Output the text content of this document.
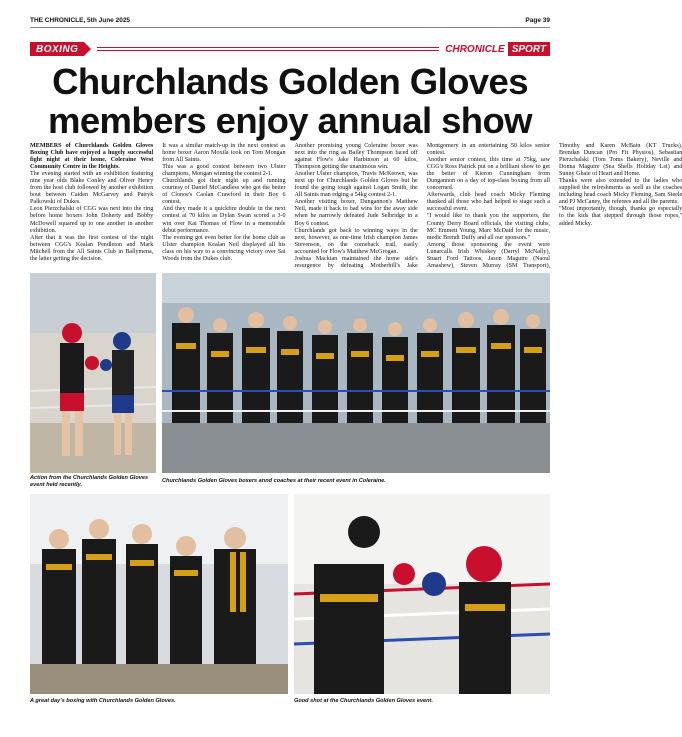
THE CHRONICLE, 5th June 2025	Page 39
BOXING	CHRONICLE SPORT
Churchlands Golden Gloves members enjoy annual show

MEMBERS of Churchlands Golden Gloves Boxing Club have enjoyed a hugely successful fight night at their home, Coleraine West Community Centre in the Heights.

The evening started with an exhibition featuring nine year olds Blake Conley and Oliver Henry from the host club followed by another exhibition bout between Caiden McGarvey and Patryk Palkowski of Dukes.

Leon Pierzchalski of CGG was next into the ring before home boxers John Doherty and Bobby McDowell squared up to one another in another exhibition.

After that it was the first contest of the night between CGG's Kealan Pendleton and Mark Mitchell from the All Saints Club in Ballymena, the latter getting the decision.

It was a similar match-up in the next contest as home boxer Aaron Moxila took on Tom Mongan from All Saints.

This was a good contest between two Ulster champions, Mongan winning the contest 2-1.

Churchlands got their night up and running courtesy of Daniel McCandless who got the better of Clonoe's Caolan Crawford in their Boy 6 contest.

And they made it a quickfire double in the next contest at 70 kilos as Dylan Swan scored a 3-0 win over Kai Thomas of Flow in a memorable debut performance.

The evening got even better for the home club as Ulster champion Kealan Neil displayed all his class on his way to a convincing victory over Sai Woods from the Dukes club.

Another promising young Coleraine boxer was next into the ring as Bailey Thompson faced off against Flow's Jake Harbinson at 60 kilos, Thompson getting the unanimous win.

Another Ulster champion, Travis McKeown, was next up for Churchlands Golden Gloves but he found the going tough against Logan Smith, the All Saints man edging a 54kg contest 2-1.

Another visiting boxer, Dungannon's Matthew Neil, made it back to bad wins for the away side when he narrowly defeated Jude Selbridge in a Boy 6 contest.

Churchlands got back to winning ways in the next, however, as one-time Irish champion James Stevenson, on the comeback trail, easily accounted for Flow's Matthew McGrogan.

Joshua Mackian maintained the home side's resurgence by defeating Motherhill's Jake Montgomery in an entertaining 50 kilos senior contest.

Another senior contest, this time at 75kg, saw CGG's Ross Patrick put on a brilliant show to get the better of Kieron Cunningham from Dungannon on a day of top-class boxing from all concerned.

Afterwards, club head coach Micky Fleming thanked all those who had helped to stage such a successful event.

"I would like to thank you the supporters, the County Derry Board officials, the visiting clubs, MC Emmett Young, Marc McDaid for the music, medic Brendi Duffy and all our sponsors."

Among those sponsoring the event were Lunarcalls Irish Whiskey (Darryl McNally), Stuart Ford Tattoos, Jason Maguire (Naoul Amashew), Steven Murray (SM Transport), Timothy and Karen McBain (KT Trucks), Brendan Duncan (Pro Fit Physios), Sebastian Pierzchalski (Tom Toms Bakery), Neville and Donna Maguire (Sea Shells Holiday Let) and Sunny Ghaie of Heart and Home.

Thanks were also extended to the ladies who supplied the refreshments as well as the coaches including head coach Micky Fleming, Sam Steele and PJ McCaney, the referees and all the parents.

"Most importantly, though, thanks go especially to the kids that stepped through those ropes," added Micky.

Action from the Churchlands Golden Gloves event held recently.
Churchlands Golden Gloves boxers annd coaches at their recent event in Coleraine.
A great day's boxing with Churchlands Golden Gloves.	Good shot at the Churchlands Golden Gloves event.
